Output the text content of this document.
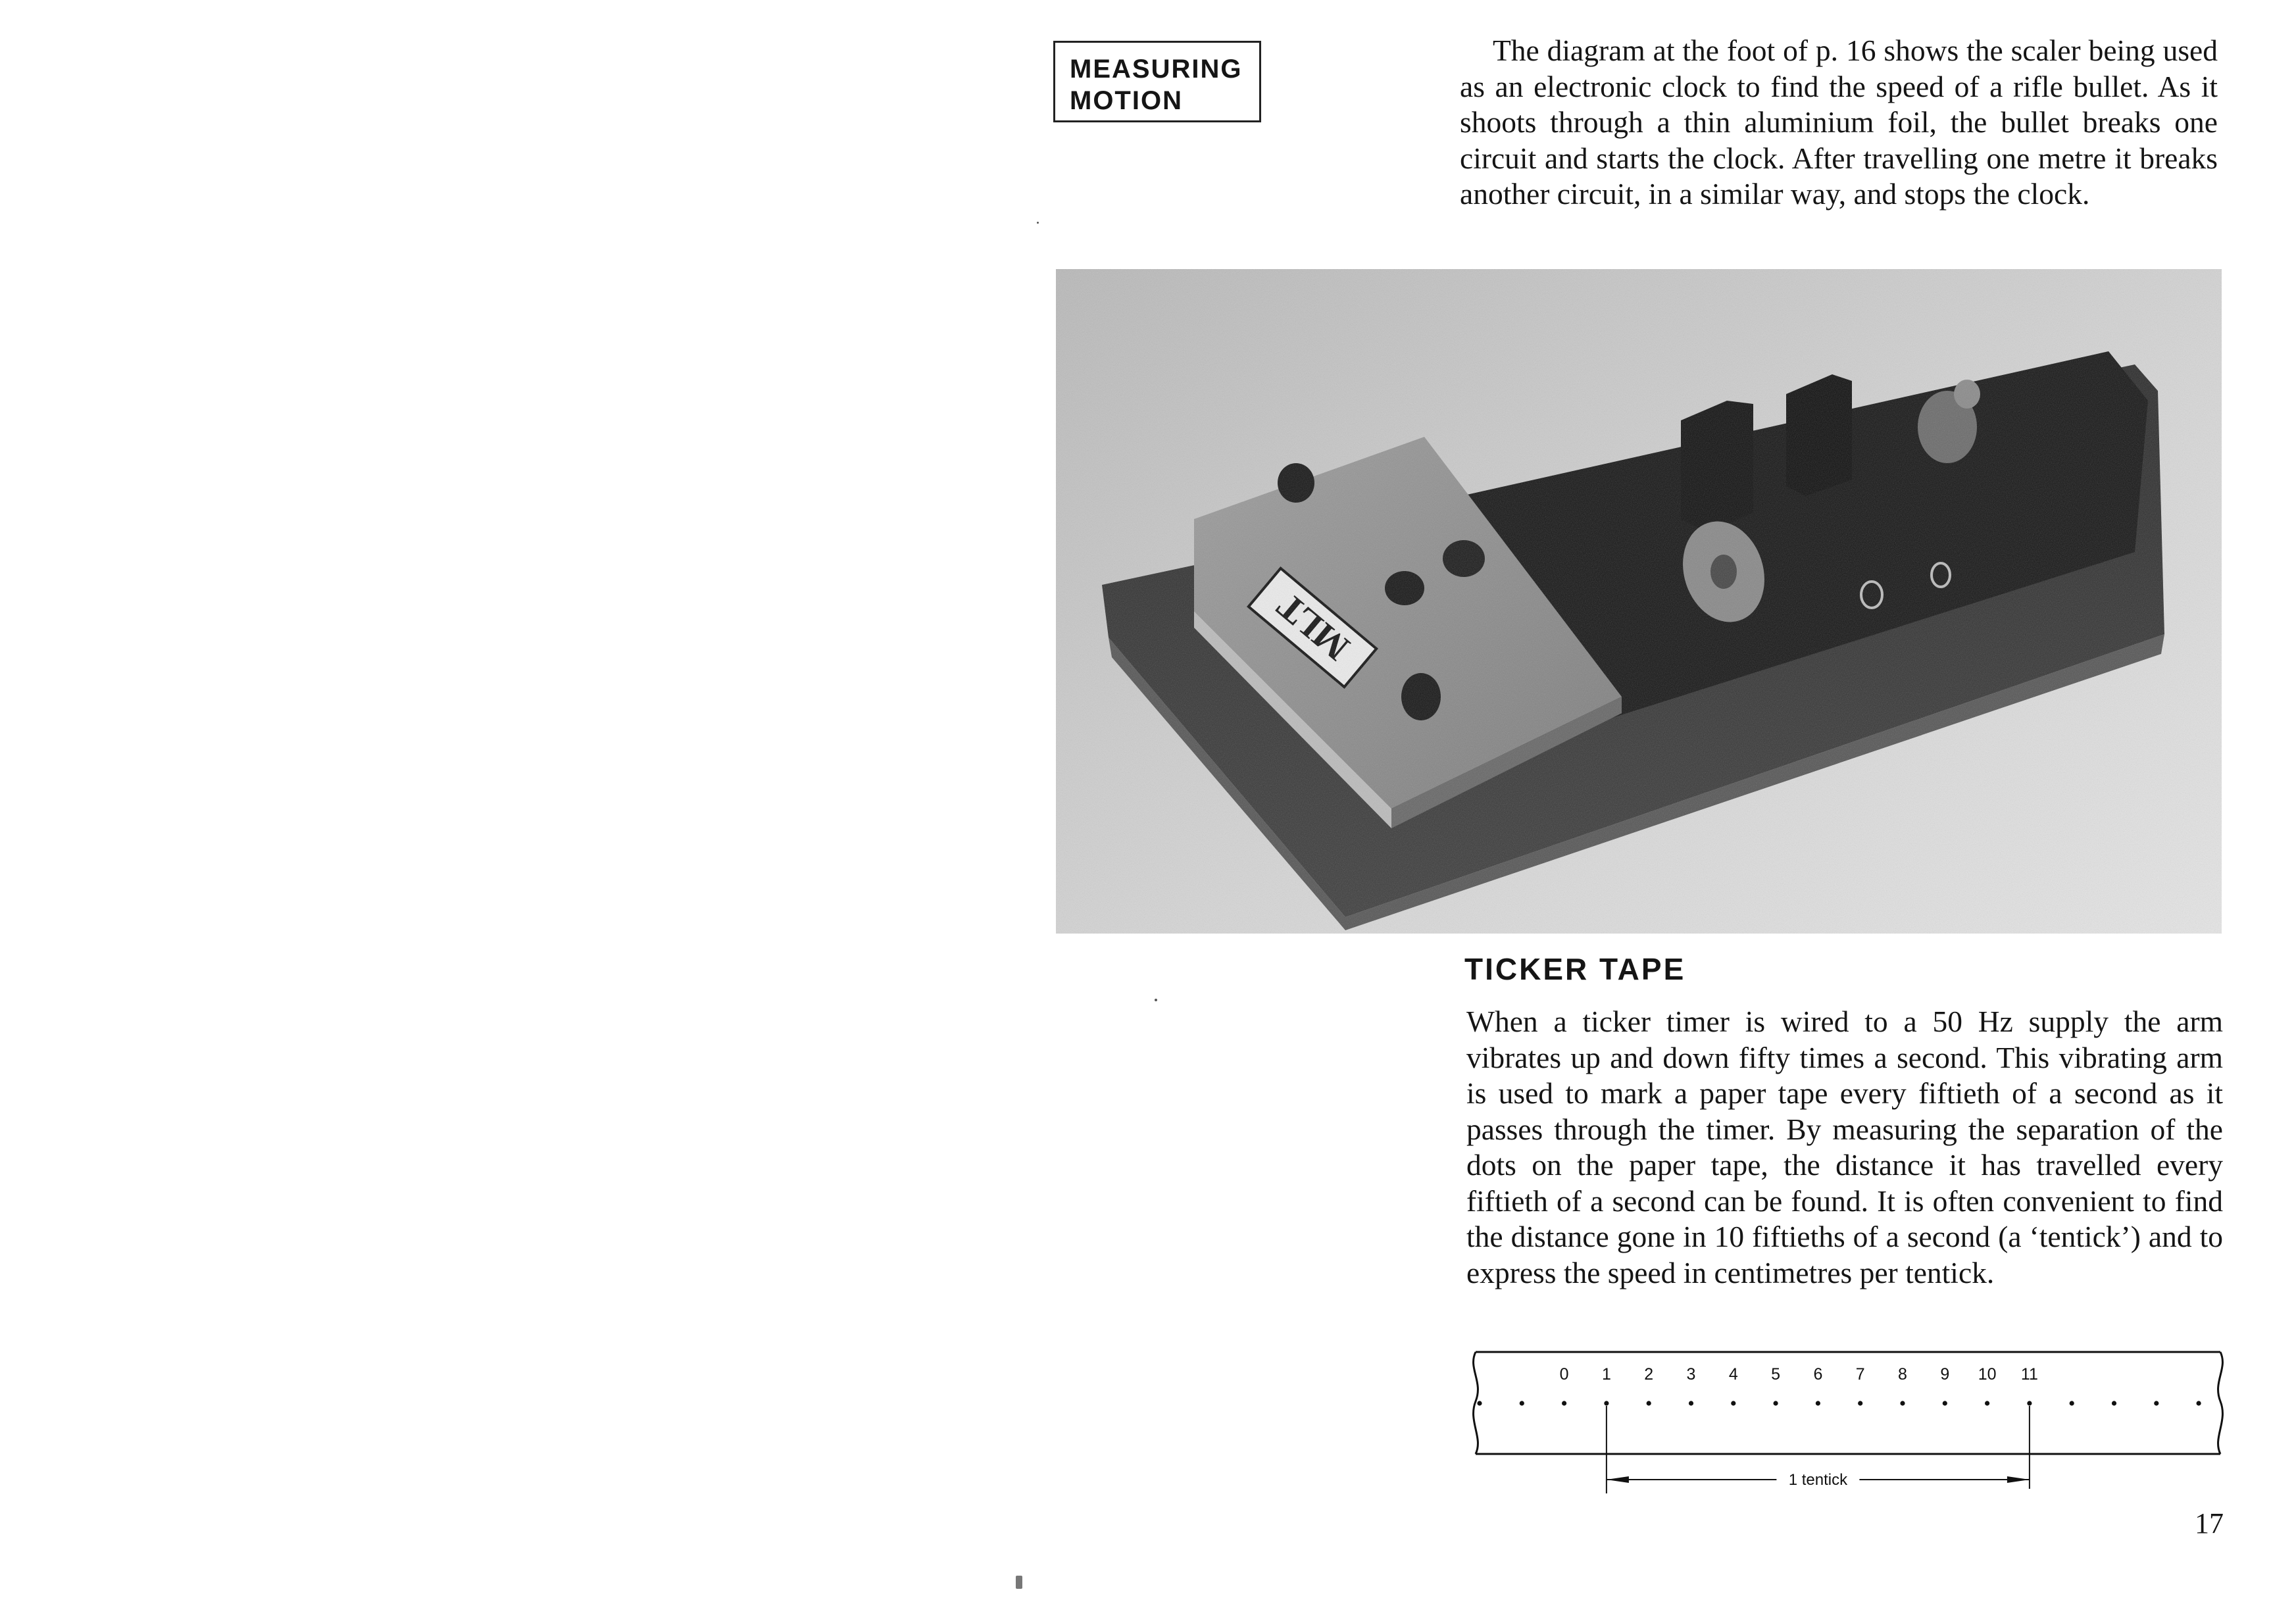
MEASURING
MOTION
The diagram at the foot of p. 16 shows the scaler being used as an electronic clock to find the speed of a rifle bullet. As it shoots through a thin aluminium foil, the bullet breaks one circuit and starts the clock. After travelling one metre it breaks another circuit, in a similar way, and stops the clock.
TICKER TAPE
When a ticker timer is wired to a 50 Hz supply the arm vibrates up and down fifty times a second. This vibrating arm is used to mark a paper tape every fiftieth of a second as it passes through the timer. By measuring the separation of the dots on the paper tape, the distance it has travelled every fiftieth of a second can be found. It is often convenient to find the distance gone in 10 fiftieths of a second (a ‘tentick’) and to express the speed in centimetres per tentick.
0 1 2 3 4 5 6 7 8 9 10 11
1 tentick
17
